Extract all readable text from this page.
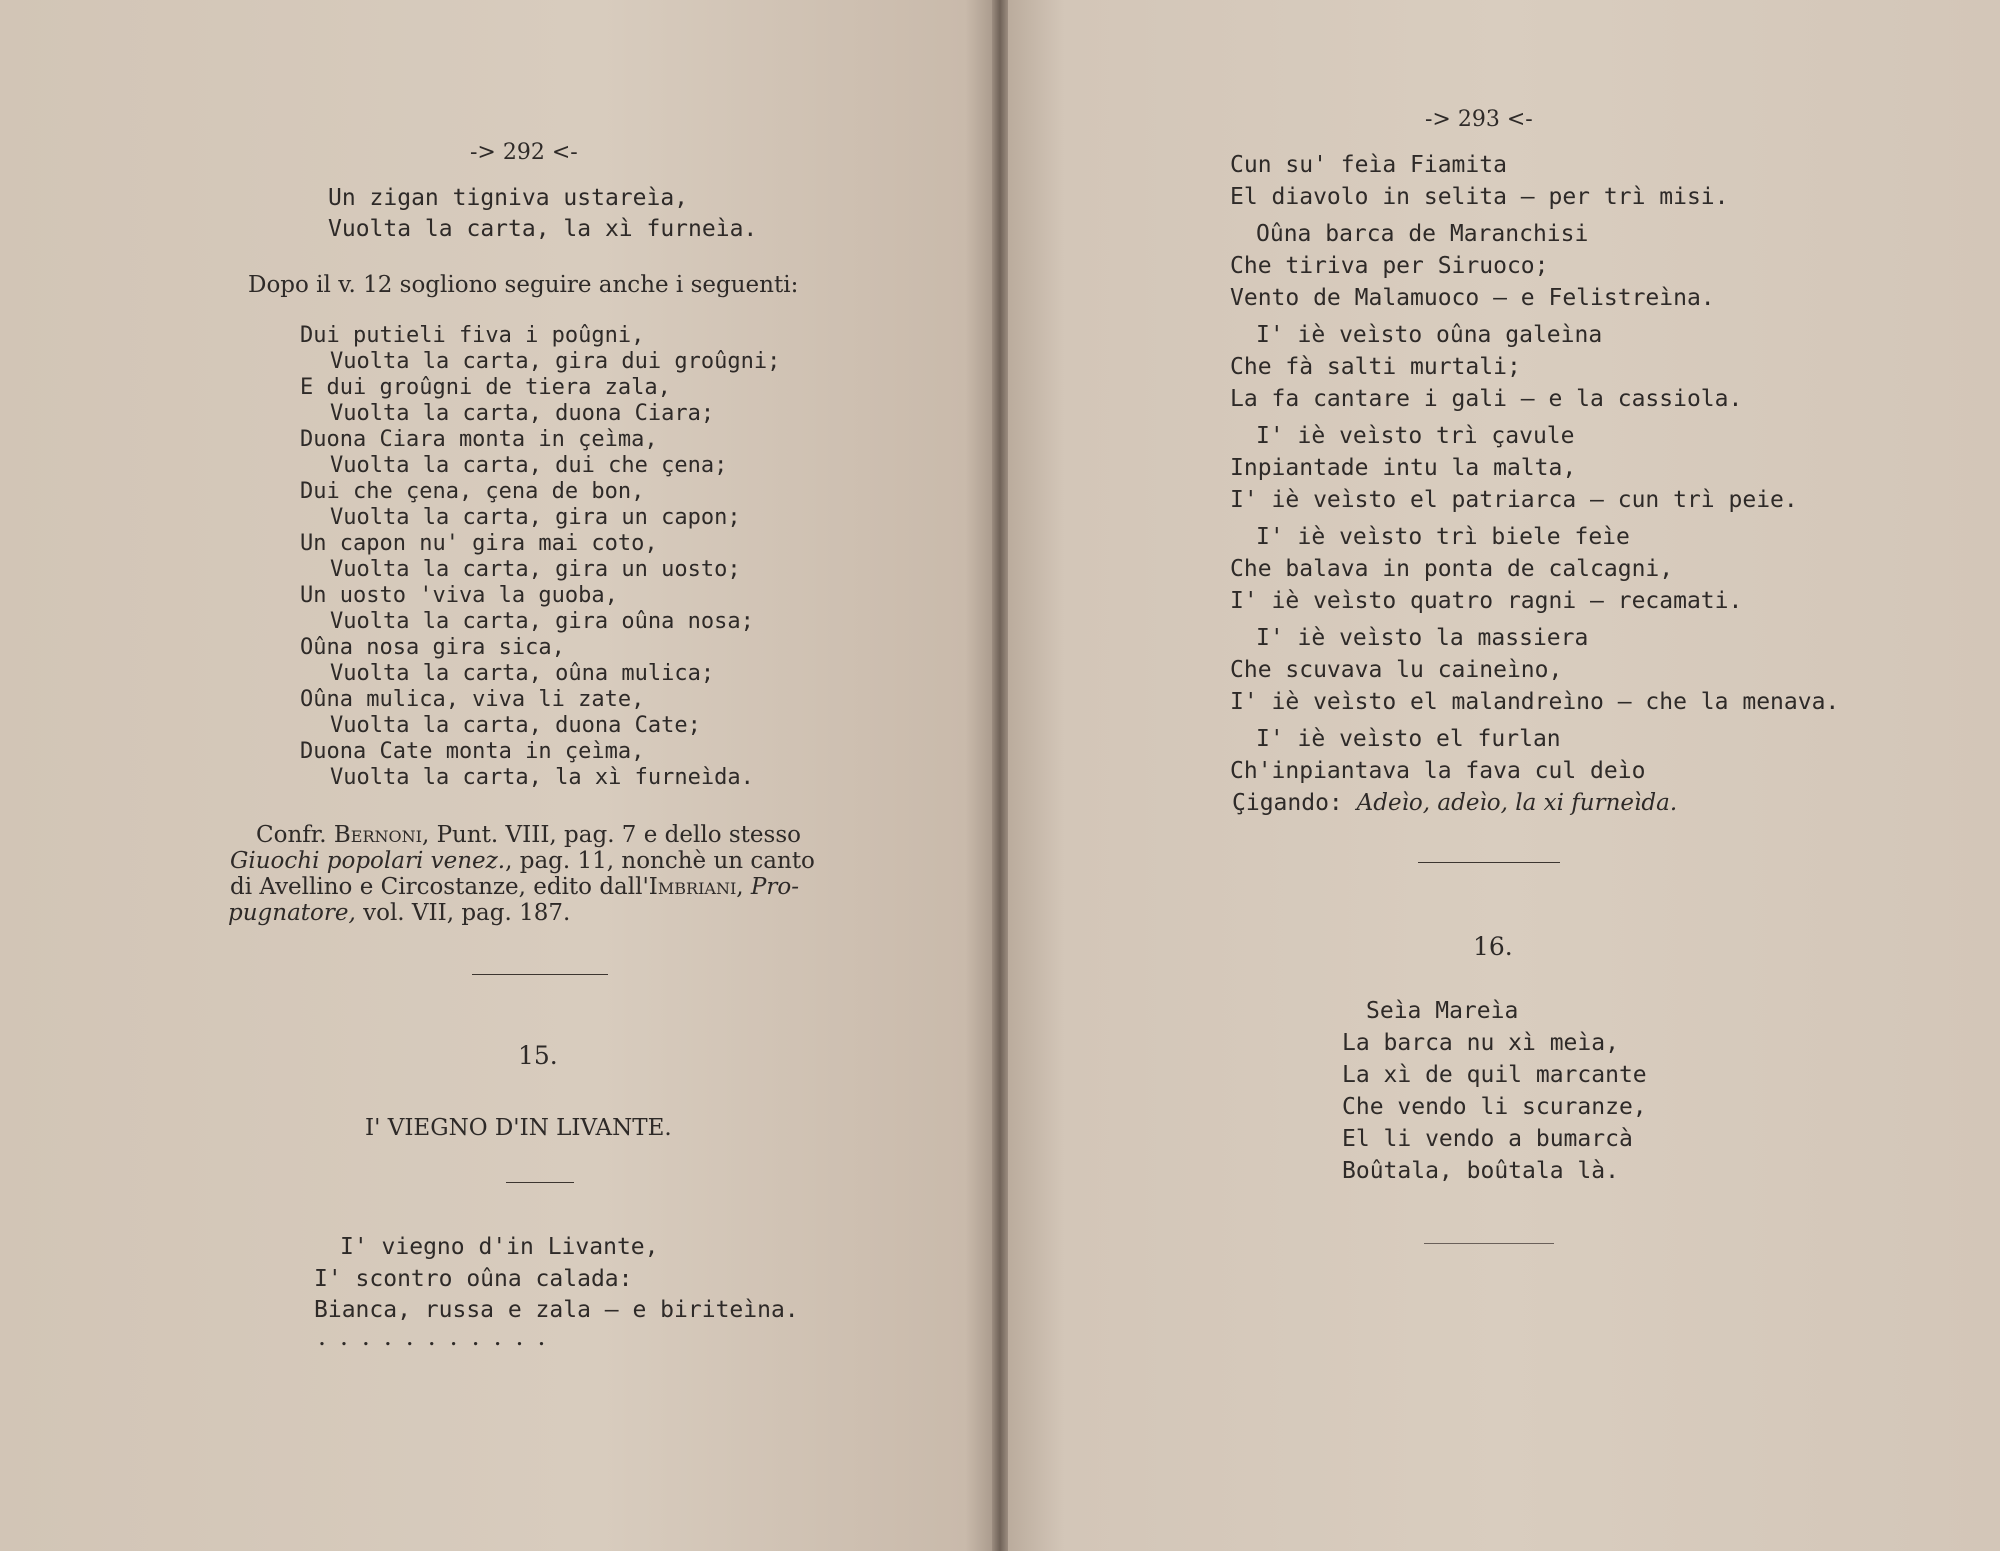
-> 292 <-
Un zigan tigniva ustareìa,
Vuolta la carta, la xì furneìa.
Dopo il v. 12 sogliono seguire anche i seguenti:
Dui putieli fiva i poûgni,
Vuolta la carta, gira dui groûgni;
E dui groûgni de tiera zala,
Vuolta la carta, duona Ciara;
Duona Ciara monta in çeìma,
Vuolta la carta, dui che çena;
Dui che çena, çena de bon,
Vuolta la carta, gira un capon;
Un capon nu' gira mai coto,
Vuolta la carta, gira un uosto;
Un uosto 'viva la guoba,
Vuolta la carta, gira oûna nosa;
Oûna nosa gira sica,
Vuolta la carta, oûna mulica;
Oûna mulica, viva li zate,
Vuolta la carta, duona Cate;
Duona Cate monta in çeìma,
Vuolta la carta, la xì furneìda.
Confr. Bernoni, Punt. VIII, pag. 7 e dello stesso
Giuochi popolari venez., pag. 11, nonchè un canto
di Avellino e Circostanze, edito dall'Imbriani, Pro-
pugnatore, vol. VII, pag. 187.
15.
I' VIEGNO D'IN LIVANTE.
I' viegno d'in Livante,
I' scontro oûna calada:
Bianca, russa e zala — e biriteìna.
...........
-> 293 <-
Cun su' feìa Fiamita
El diavolo in selita — per trì misi.
Oûna barca de Maranchisi
Che tiriva per Siruoco;
Vento de Malamuoco — e Felistreìna.
I' iè veìsto oûna galeìna
Che fà salti murtali;
La fa cantare i gali — e la cassiola.
I' iè veìsto trì çavule
Inpiantade intu la malta,
I' iè veìsto el patriarca — cun trì peie.
I' iè veìsto trì biele feìe
Che balava in ponta de calcagni,
I' iè veìsto quatro ragni — recamati.
I' iè veìsto la massiera
Che scuvava lu caineìno,
I' iè veìsto el malandreìno — che la menava.
I' iè veìsto el furlan
Ch'inpiantava la fava cul deìo
Çigando: Adeìo, adeìo, la xi furneìda.
16.
Seìa Mareìa
La barca nu xì meìa,
La xì de quil marcante
Che vendo li scuranze,
El li vendo a bumarcà
Boûtala, boûtala là.
